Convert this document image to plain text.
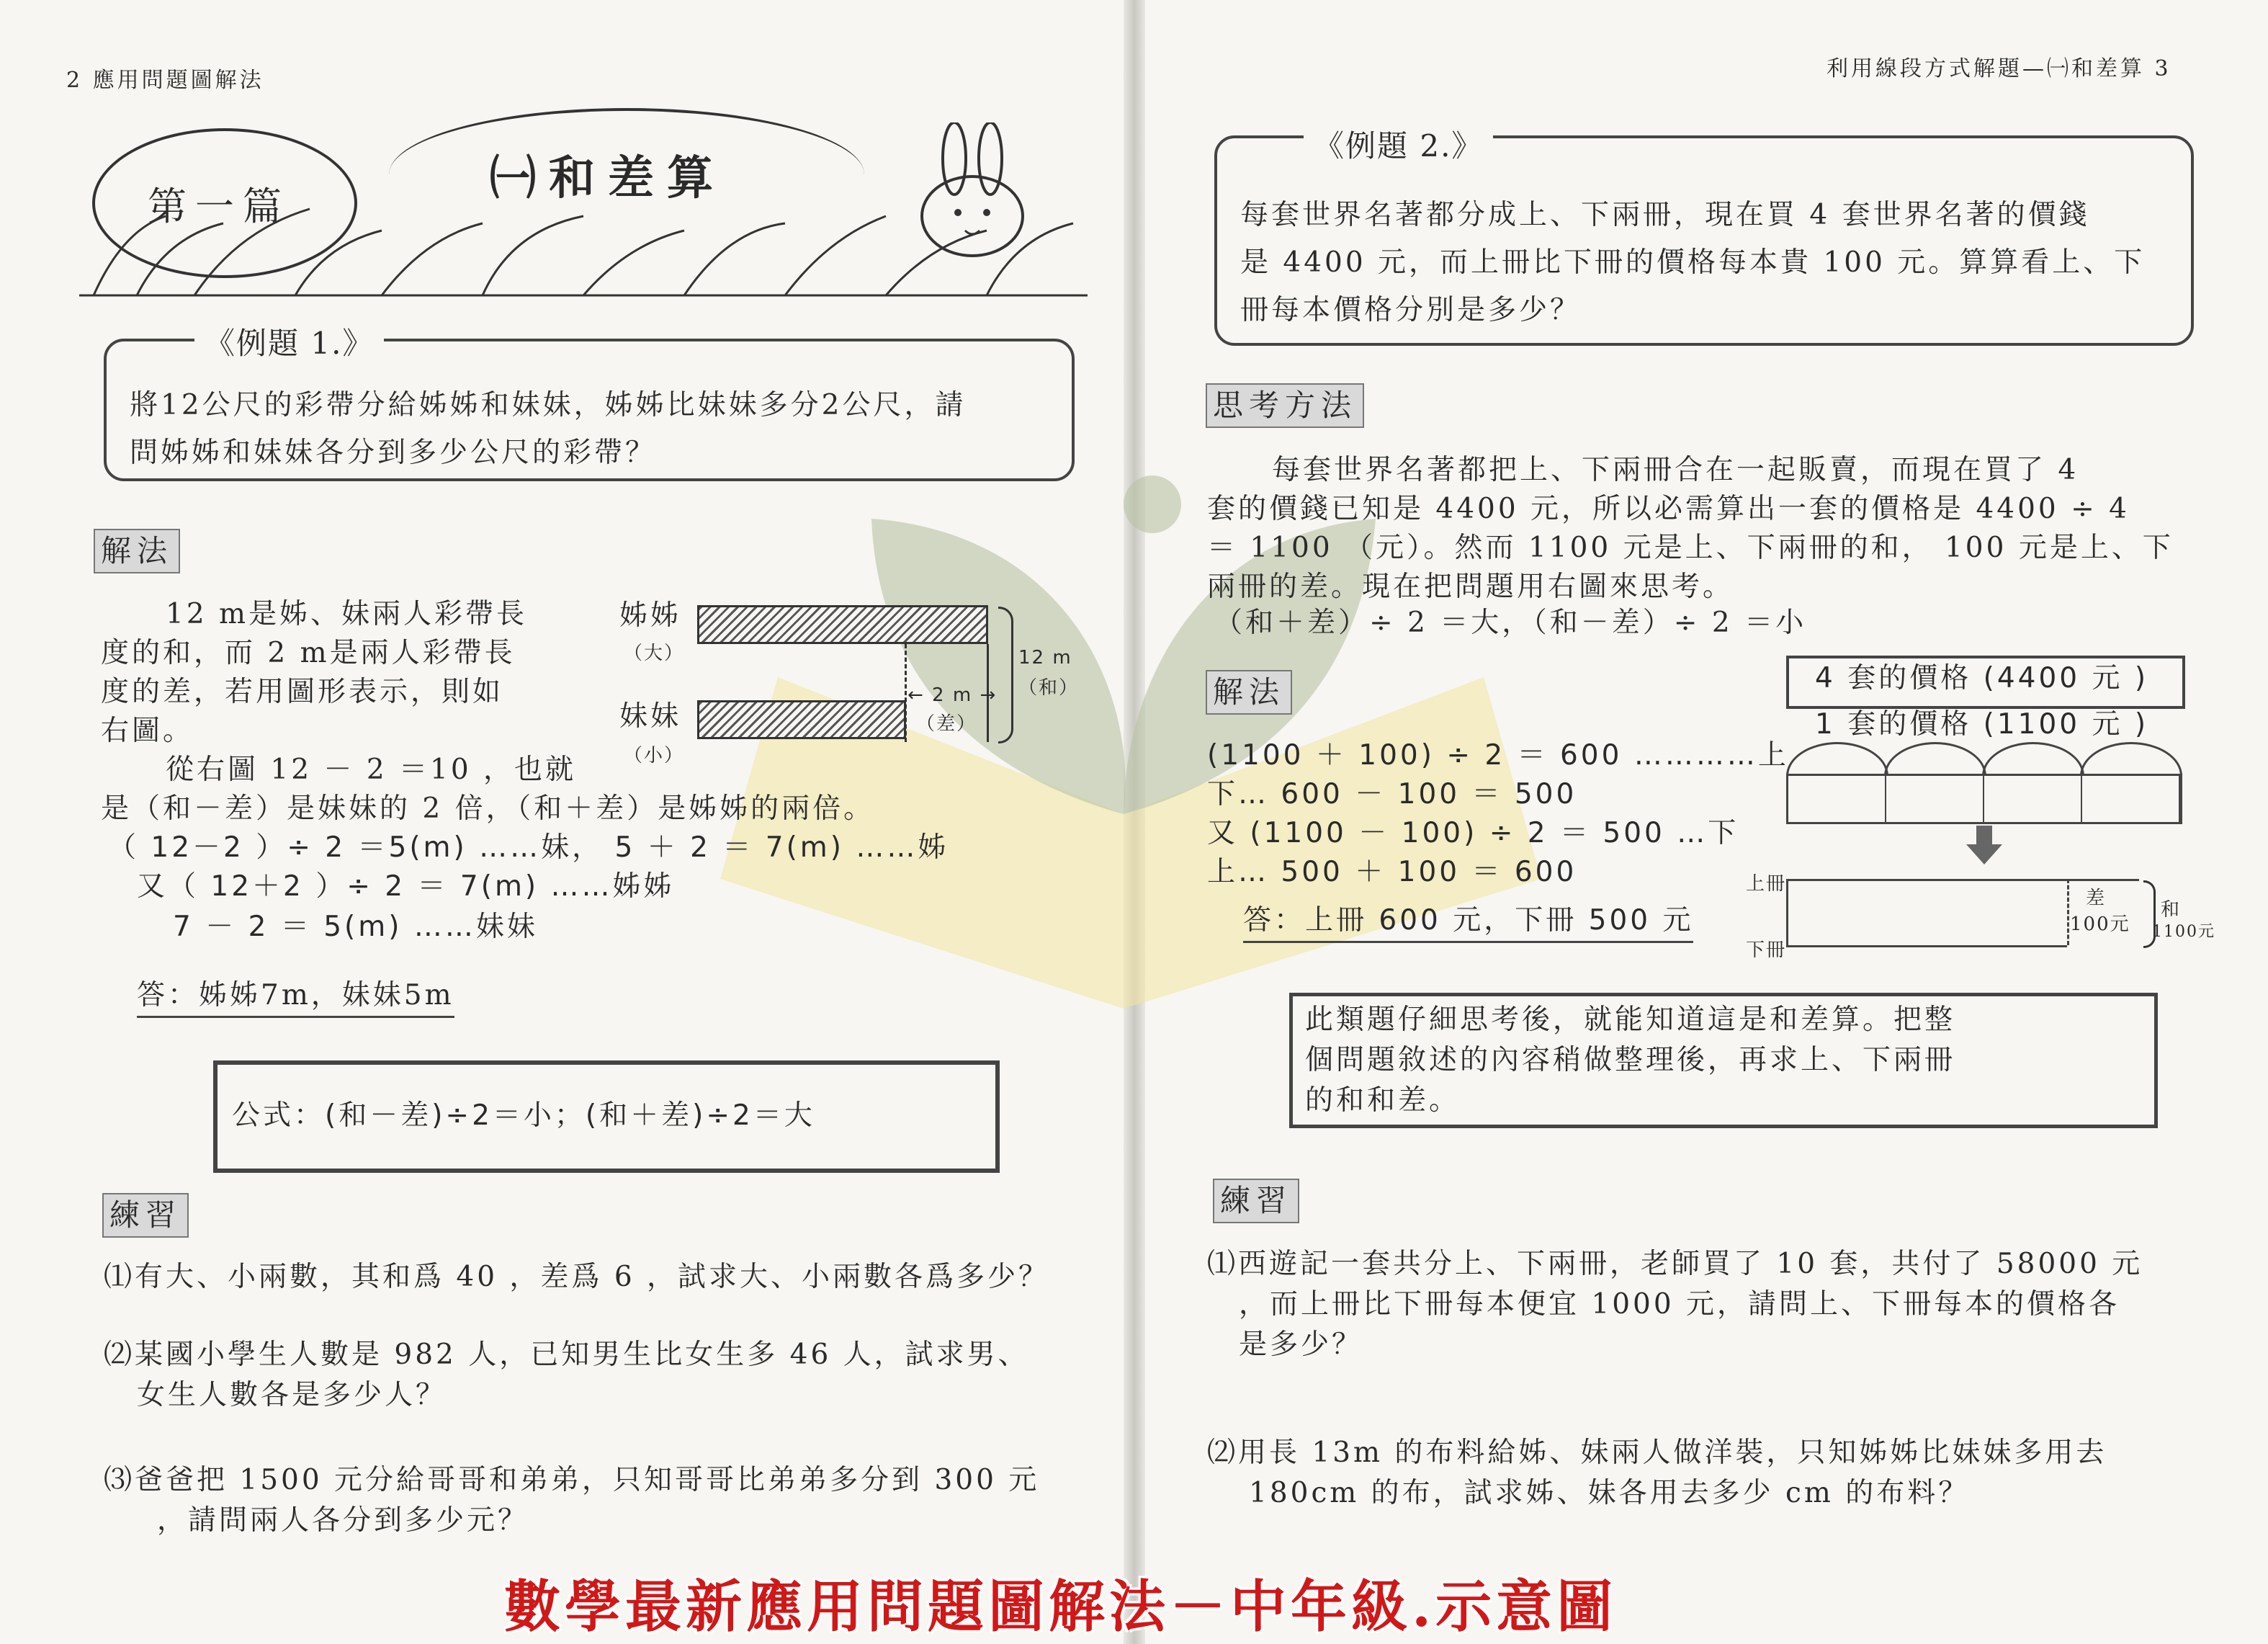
2 應用問題圖解法
第一篇
㈠和差算
《例題 1.》
將12公尺的彩帶分給姊姊和妹妹，姊姊比妹妹多分2公尺，請
問姊姊和妹妹各分到多少公尺的彩帶？
解法
12 m是姊、妹兩人彩帶長
度的和，而 2 m是兩人彩帶長
度的差，若用圖形表示，則如
右圖。
從右圖 12 － 2 ＝10 ，也就
是（和－差）是妹妹的 2 倍，（和＋差）是姊姊的兩倍。
（ 12－2 ）÷ 2 ＝5(m) ……妹， 5 ＋ 2 ＝ 7(m) ……姊
又（ 12＋2 ）÷ 2 ＝ 7(m) ……姊姊
7 － 2 ＝ 5(m) ……妹妹
姊姊
（大）
妹妹
（小）
← 2 m →
（差）
12 m
（和）
答：姊姊7m，妹妹5m
公式：(和－差)÷2＝小；(和＋差)÷2＝大
練習
⑴有大、小兩數，其和爲 40 ，差爲 6 ，試求大、小兩數各爲多少？
⑵某國小學生人數是 982 人，已知男生比女生多 46 人，試求男、
女生人數各是多少人？
⑶爸爸把 1500 元分給哥哥和弟弟，只知哥哥比弟弟多分到 300 元
，請問兩人各分到多少元？
利用線段方式解題—㈠和差算 3
《例題 2.》
每套世界名著都分成上、下兩冊，現在買 4 套世界名著的價錢
是 4400 元，而上冊比下冊的價格每本貴 100 元。算算看上、下
冊每本價格分別是多少？
思考方法
每套世界名著都把上、下兩冊合在一起販賣，而現在買了 4
套的價錢已知是 4400 元，所以必需算出一套的價格是 4400 ÷ 4
＝ 1100 （元）。然而 1100 元是上、下兩冊的和， 100 元是上、下
兩冊的差。現在把問題用右圖來思考。
（和＋差）÷ 2 ＝大，（和－差）÷ 2 ＝小
解法
(1100 ＋ 100) ÷ 2 ＝ 600 …………上
下… 600 － 100 ＝ 500
又 (1100 － 100) ÷ 2 ＝ 500 …下
上… 500 ＋ 100 ＝ 600
答：上冊 600 元，下冊 500 元
4 套的價格 (4400 元 )
1 套的價格 (1100 元 )
上冊
下冊
差
100元
和
1100元
此類題仔細思考後，就能知道這是和差算。把整
個問題敘述的內容稍做整理後，再求上、下兩冊
的和和差。
練習
⑴西遊記一套共分上、下兩冊，老師買了 10 套，共付了 58000 元
，而上冊比下冊每本便宜 1000 元，請問上、下冊每本的價格各
是多少？
⑵用長 13m 的布料給姊、妹兩人做洋裝，只知姊姊比妹妹多用去
180cm 的布，試求姊、妹各用去多少 cm 的布料？
數學最新應用問題圖解法－中年級.示意圖
